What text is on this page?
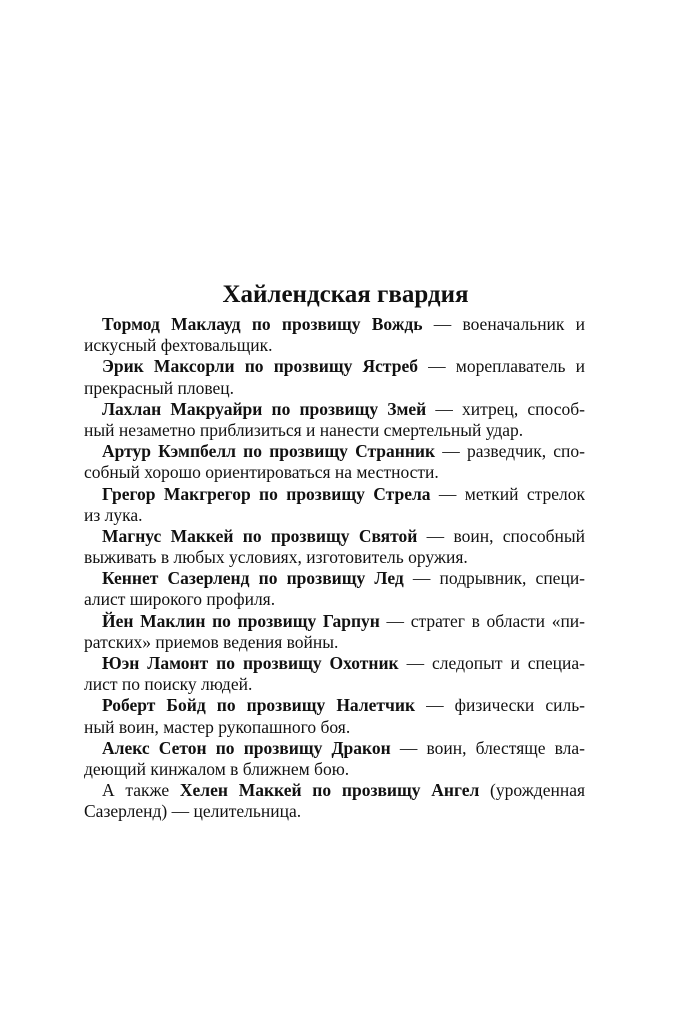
Хайлендская гвардия
Тормод Маклауд по прозвищу Вождь — военачальник и
искусный фехтовальщик.
Эрик Максорли по прозвищу Ястреб — мореплаватель и
прекрасный пловец.
Лахлан Макруайри по прозвищу Змей — хитрец, способ-
ный незаметно приблизиться и нанести смертельный удар.
Артур Кэмпбелл по прозвищу Странник — разведчик, спо-
собный хорошо ориентироваться на местности.
Грегор Макгрегор по прозвищу Стрела — меткий стрелок
из лука.
Магнус Маккей по прозвищу Святой — воин, способный
выживать в любых условиях, изготовитель оружия.
Кеннет Сазерленд по прозвищу Лед — подрывник, специ-
алист широкого профиля.
Йен Маклин по прозвищу Гарпун — стратег в области «пи-
ратских» приемов ведения войны.
Юэн Ламонт по прозвищу Охотник — следопыт и специа-
лист по поиску людей.
Роберт Бойд по прозвищу Налетчик — физически силь-
ный воин, мастер рукопашного боя.
Алекс Сетон по прозвищу Дракон — воин, блестяще вла-
деющий кинжалом в ближнем бою.
А также Хелен Маккей по прозвищу Ангел (урожденная
Сазерленд) — целительница.
